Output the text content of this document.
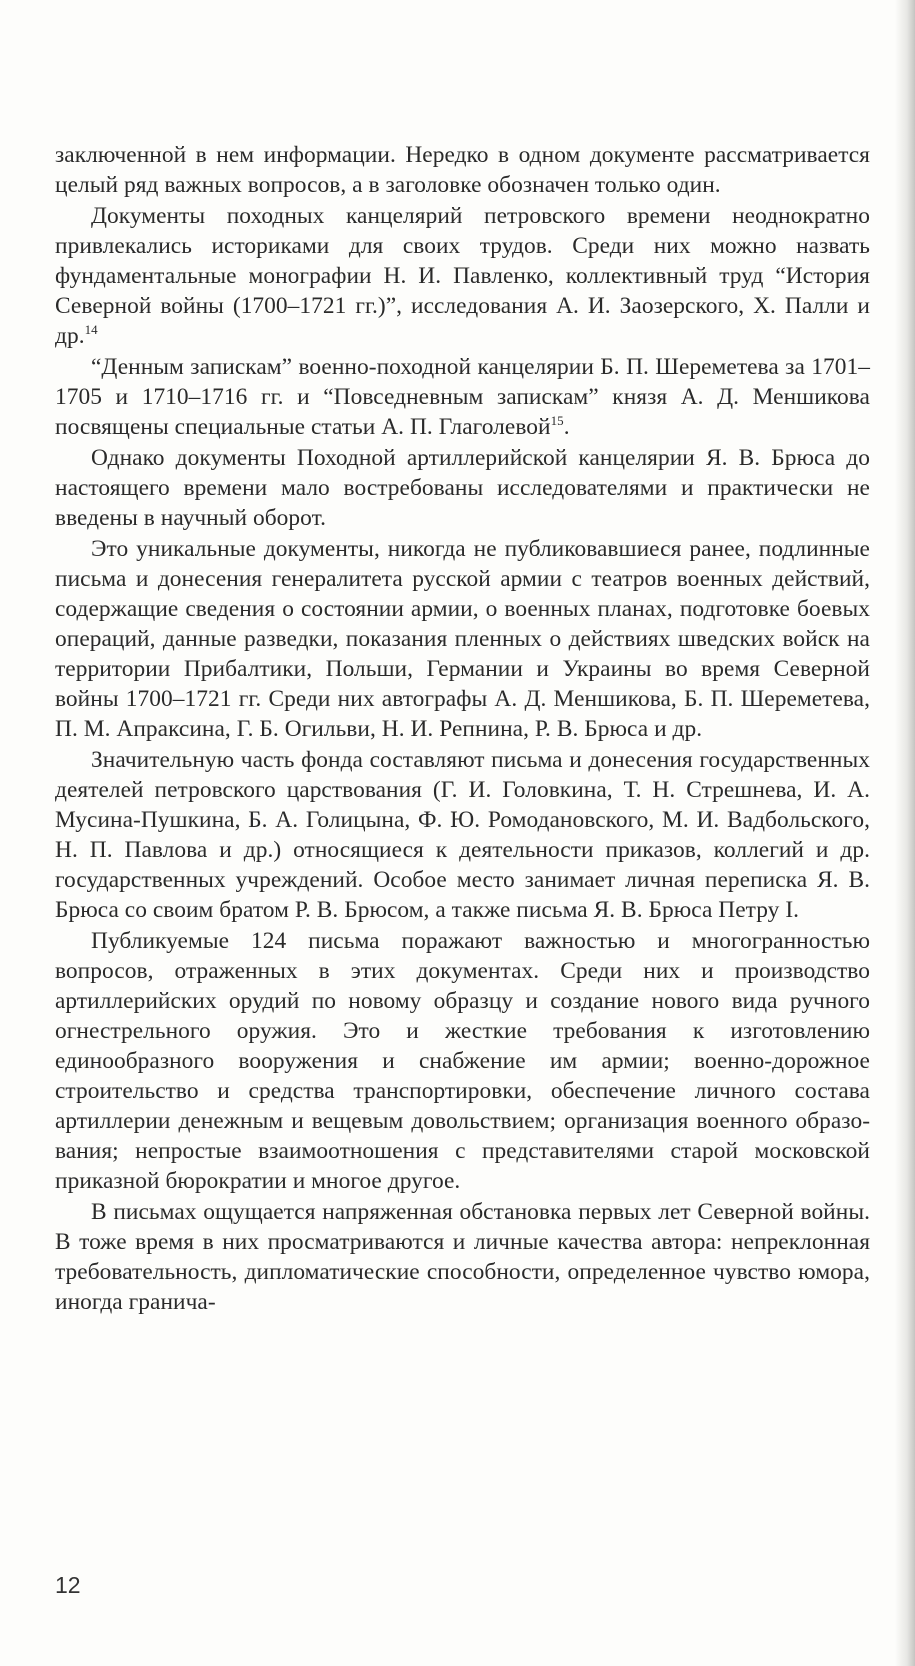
заключенной в нем информации. Нередко в одном документе рассматривается целый ряд важных вопросов, а в заголовке обозначен только один.

Документы походных канцелярий петровского времени неоднократно привлекались историками для своих трудов. Среди них можно назвать фундаментальные монографии Н. И. Павленко, коллективный труд “История Северной войны (1700–1721 гг.)”, исследования А. И. Заозерского, Х. Палли и др.$^{14}$

“Денным запискам” военно-походной канцелярии Б. П. Шереметева за 1701–1705 и 1710–1716 гг. и “Повседневным запискам” князя А. Д. Меншикова посвящены специальные статьи А. П. Глаголевой$^{15}$.

Однако документы Походной артиллерийской канцелярии Я. В. Брюса до настоящего времени мало востребованы исследователями и практически не введены в научный оборот.

Это уникальные документы, никогда не публиковавшиеся ранее, подлинные письма и донесения генералитета русской армии с театров военных действий, содержащие сведения о состоянии армии, о военных планах, подготовке боевых операций, данные разведки, показания пленных о действиях шведских войск на территории Прибалтики, Польши, Германии и Украины во время Северной войны 1700–1721 гг. Среди них автографы А. Д. Меншикова, Б. П. Шереметева, П. М. Апраксина, Г. Б. Огильви, Н. И. Репнина, Р. В. Брюса и др.

Значительную часть фонда составляют письма и донесения государственных деятелей петровского царствования (Г. И. Головкина, Т. Н. Стрешнева, И. А. Мусина-Пушкина, Б. А. Голицына, Ф. Ю. Ромодановского, М. И. Вадбольского, Н. П. Павлова и др.) относящиеся к деятельности приказов, коллегий и др. государственных учреждений. Особое место занимает личная переписка Я. В. Брюса со своим братом Р. В. Брюсом, а также письма Я. В. Брюса Петру I.

Публикуемые 124 письма поражают важностью и многогранностью вопросов, отраженных в этих документах. Среди них и производство артиллерийских орудий по новому образцу и создание нового вида ручного огнестрельного оружия. Это и жесткие требования к изготовлению единообразного вооружения и снабжение им армии; военно-дорожное строительство и средства транспортировки, обеспечение личного состава артиллерии денежным и вещевым довольствием; организация военного образования; непростые взаимоотношения с представителями старой московской приказной бюрократии и многое другое.

В письмах ощущается напряженная обстановка первых лет Северной войны. В тоже время в них просматриваются и личные качества автора: непреклонная требовательность, дипломатические способности, определенное чувство юмора, иногда гранича-

12
